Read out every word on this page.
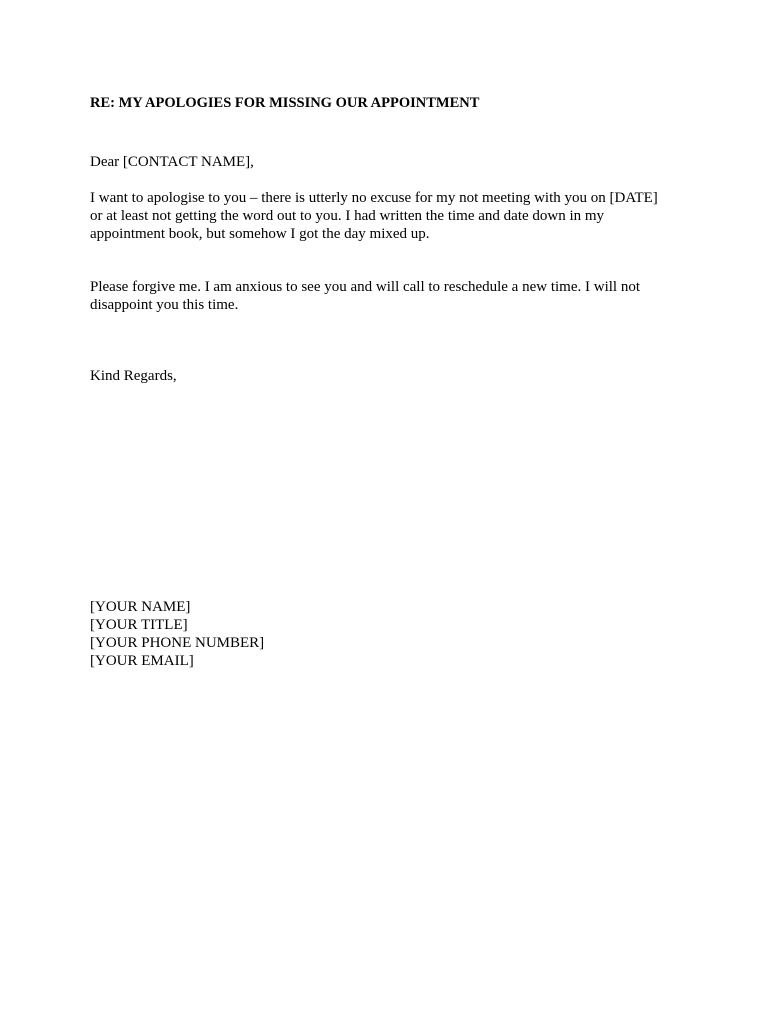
RE: MY APOLOGIES FOR MISSING OUR APPOINTMENT
Dear [CONTACT NAME],
I want to apologise to you – there is utterly no excuse for my not meeting with you on [DATE]
or at least not getting the word out to you. I had written the time and date down in my
appointment book, but somehow I got the day mixed up.
Please forgive me. I am anxious to see you and will call to reschedule a new time. I will not
disappoint you this time.
Kind Regards,
[YOUR NAME]
[YOUR TITLE]
[YOUR PHONE NUMBER]
[YOUR EMAIL]
